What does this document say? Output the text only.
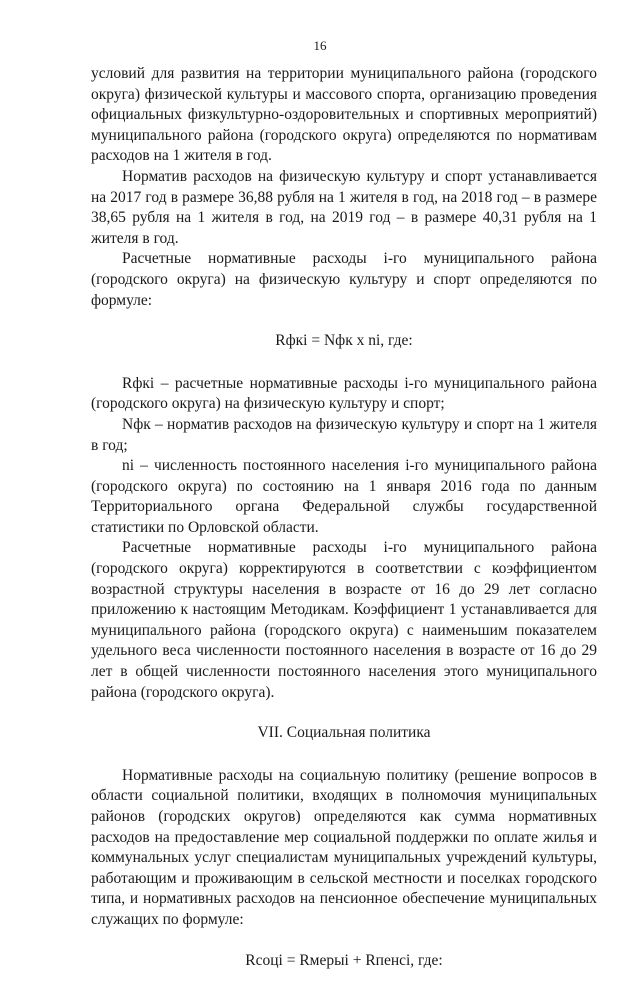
16

условий для развития на территории муниципального района (городского округа) физической культуры и массового спорта, организацию проведения официальных физкультурно-оздоровительных и спортивных мероприятий) муниципального района (городского округа) определяются по нормативам расходов на 1 жителя в год.

Норматив расходов на физическую культуру и спорт устанавливается на 2017 год в размере 36,88 рубля на 1 жителя в год, на 2018 год – в размере 38,65 рубля на 1 жителя в год, на 2019 год – в размере 40,31 рубля на 1 жителя в год.

Расчетные нормативные расходы i-го муниципального района (городского округа) на физическую культуру и спорт определяются по формуле:

Rфкi = Nфк х ni, где:

Rфкi – расчетные нормативные расходы i-го муниципального района (городского округа) на физическую культуру и спорт;

Nфк – норматив расходов на физическую культуру и спорт на 1 жителя в год;

ni – численность постоянного населения i-го муниципального района (городского округа) по состоянию на 1 января 2016 года по данным Территориального органа Федеральной службы государственной статистики по Орловской области.

Расчетные нормативные расходы i-го муниципального района (городского округа) корректируются в соответствии с коэффициентом возрастной структуры населения в возрасте от 16 до 29 лет согласно приложению к настоящим Методикам. Коэффициент 1 устанавливается для муниципального района (городского округа) с наименьшим показателем удельного веса численности постоянного населения в возрасте от 16 до 29 лет в общей численности постоянного населения этого муниципального района (городского округа).

VII. Социальная политика

Нормативные расходы на социальную политику (решение вопросов в области социальной политики, входящих в полномочия муниципальных районов (городских округов) определяются как сумма нормативных расходов на предоставление мер социальной поддержки по оплате жилья и коммунальных услуг специалистам муниципальных учреждений культуры, работающим и проживающим в сельской местности и поселках городского типа, и нормативных расходов на пенсионное обеспечение муниципальных служащих по формуле:

Rсоцi = Rмерыi + Rпенсi, где:
